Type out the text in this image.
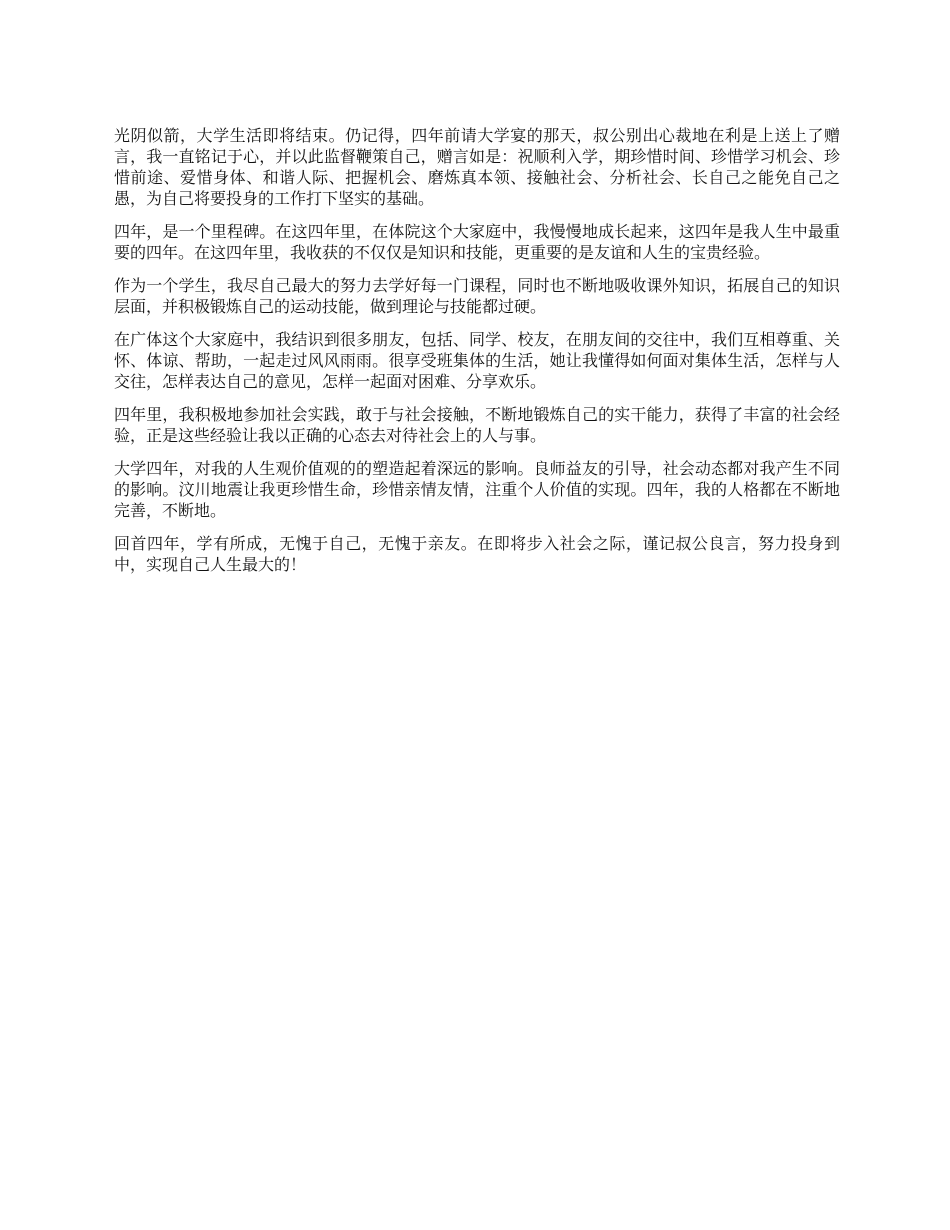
光阴似箭，大学生活即将结束。仍记得，四年前请大学宴的那天，叔公别出心裁地在利是上送上了赠言，我一直铭记于心，并以此监督鞭策自己，赠言如是：祝顺利入学，期珍惜时间、珍惜学习机会、珍惜前途、爱惜身体、和谐人际、把握机会、磨炼真本领、接触社会、分析社会、长自己之能免自己之愚，为自己将要投身的工作打下坚实的基础。

四年，是一个里程碑。在这四年里，在体院这个大家庭中，我慢慢地成长起来，这四年是我人生中最重要的四年。在这四年里，我收获的不仅仅是知识和技能，更重要的是友谊和人生的宝贵经验。

作为一个学生，我尽自己最大的努力去学好每一门课程，同时也不断地吸收课外知识，拓展自己的知识层面，并积极锻炼自己的运动技能，做到理论与技能都过硬。

在广体这个大家庭中，我结识到很多朋友，包括、同学、校友，在朋友间的交往中，我们互相尊重、关怀、体谅、帮助，一起走过风风雨雨。很享受班集体的生活，她让我懂得如何面对集体生活，怎样与人交往，怎样表达自己的意见，怎样一起面对困难、分享欢乐。

四年里，我积极地参加社会实践，敢于与社会接触，不断地锻炼自己的实干能力，获得了丰富的社会经验，正是这些经验让我以正确的心态去对待社会上的人与事。

大学四年，对我的人生观价值观的的塑造起着深远的影响。良师益友的引导，社会动态都对我产生不同的影响。汶川地震让我更珍惜生命，珍惜亲情友情，注重个人价值的实现。四年，我的人格都在不断地完善，不断地。

回首四年，学有所成，无愧于自己，无愧于亲友。在即将步入社会之际，谨记叔公良言，努力投身到中，实现自己人生最大的！
